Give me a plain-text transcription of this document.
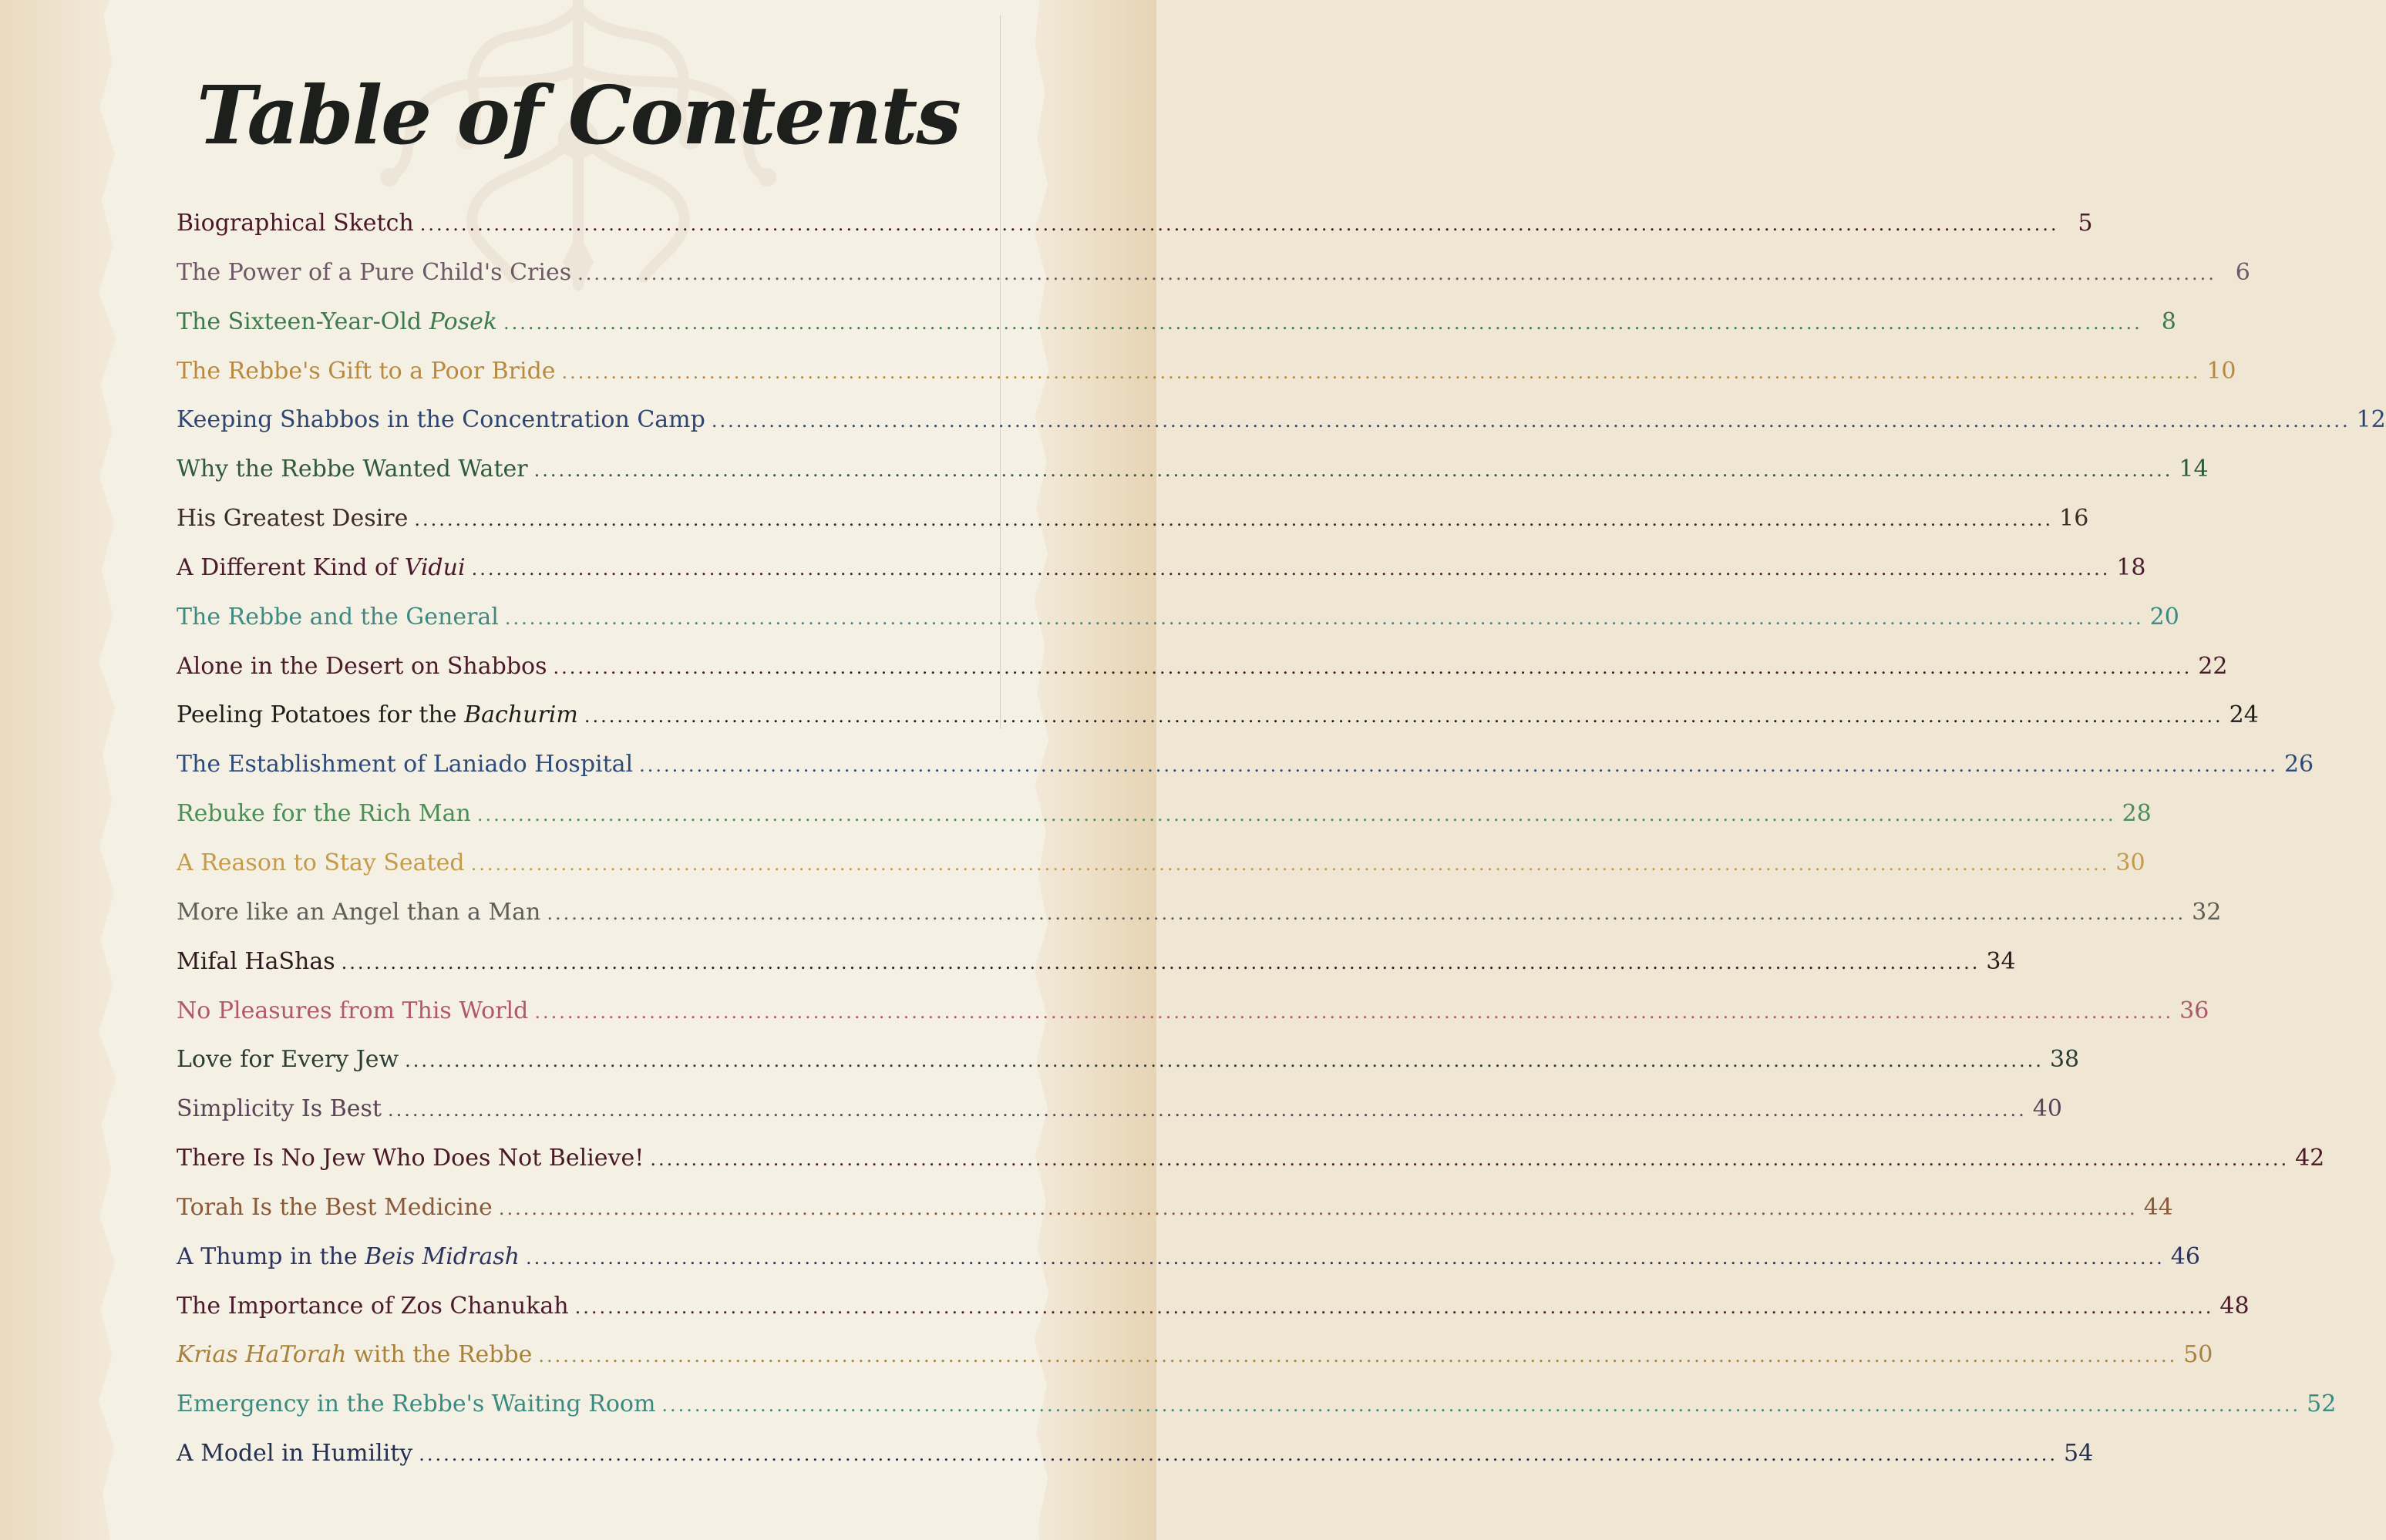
Table of Contents
Biographical Sketch ........................................................................................................................................................................................................ 5
The Power of a Pure Child's Cries ........................................................................................................................................................................................................ 6
The Sixteen-Year-Old Posek ........................................................................................................................................................................................................ 8
The Rebbe's Gift to a Poor Bride ........................................................................................................................................................................................................ 10
Keeping Shabbos in the Concentration Camp ........................................................................................................................................................................................................ 12
Why the Rebbe Wanted Water ........................................................................................................................................................................................................ 14
His Greatest Desire ........................................................................................................................................................................................................ 16
A Different Kind of Vidui ........................................................................................................................................................................................................ 18
The Rebbe and the General ........................................................................................................................................................................................................ 20
Alone in the Desert on Shabbos ........................................................................................................................................................................................................ 22
Peeling Potatoes for the Bachurim ........................................................................................................................................................................................................ 24
The Establishment of Laniado Hospital ........................................................................................................................................................................................................ 26
Rebuke for the Rich Man ........................................................................................................................................................................................................ 28
A Reason to Stay Seated ........................................................................................................................................................................................................ 30
More like an Angel than a Man ........................................................................................................................................................................................................ 32
Mifal HaShas ........................................................................................................................................................................................................ 34
No Pleasures from This World ........................................................................................................................................................................................................ 36
Love for Every Jew ........................................................................................................................................................................................................ 38
Simplicity Is Best ........................................................................................................................................................................................................ 40
There Is No Jew Who Does Not Believe! ........................................................................................................................................................................................................ 42
Torah Is the Best Medicine ........................................................................................................................................................................................................ 44
A Thump in the Beis Midrash ........................................................................................................................................................................................................ 46
The Importance of Zos Chanukah ........................................................................................................................................................................................................ 48
Krias HaTorah with the Rebbe ........................................................................................................................................................................................................ 50
Emergency in the Rebbe's Waiting Room ........................................................................................................................................................................................................ 52
A Model in Humility ........................................................................................................................................................................................................ 54
